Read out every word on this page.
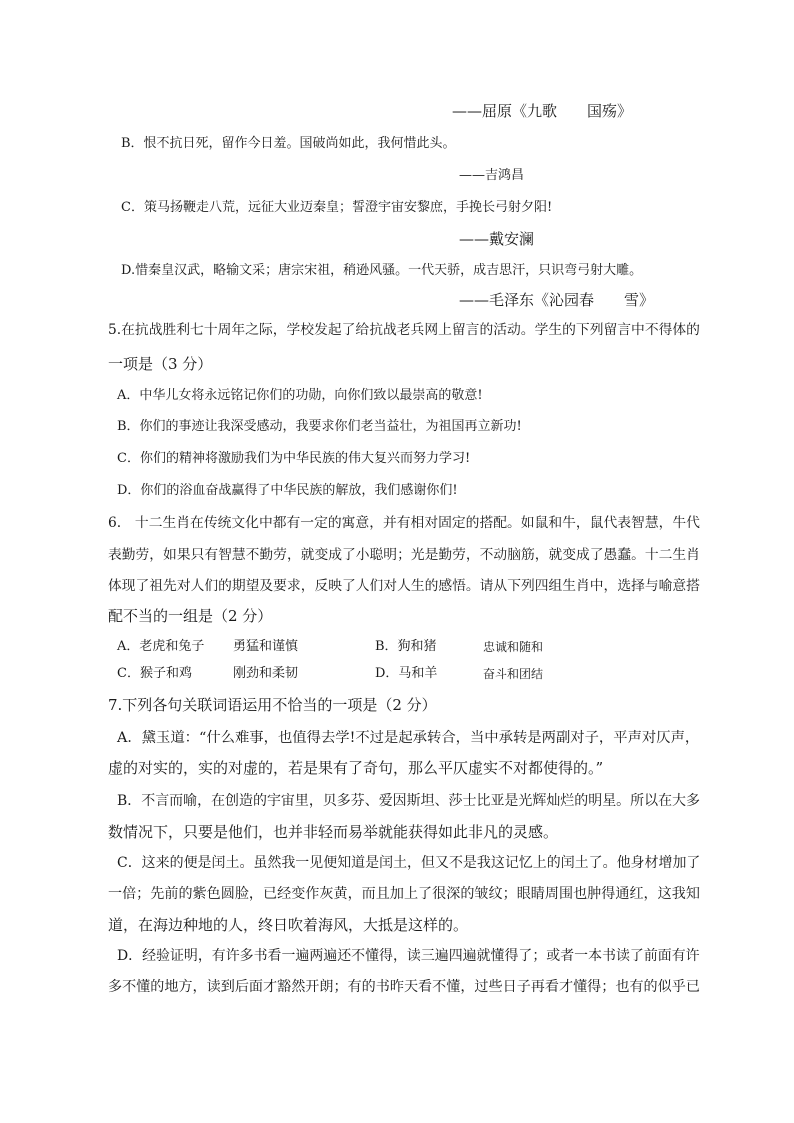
——屈原《九歌　　国殇》
B．恨不抗日死，留作今日羞。国破尚如此，我何惜此头。
——吉鸿昌
C．策马扬鞭走八荒，远征大业迈秦皇；誓澄宇宙安黎庶，手挽长弓射夕阳!
——戴安澜
D.惜秦皇汉武，略输文采；唐宗宋祖，稍逊风骚。一代天骄，成吉思汗，只识弯弓射大雕。
——毛泽东《沁园春　　雪》
5.在抗战胜利七十周年之际，学校发起了给抗战老兵网上留言的活动。学生的下列留言中不得体的
一项是（3 分）
A．中华儿女将永远铭记你们的功勋，向你们致以最崇高的敬意!
B．你们的事迹让我深受感动，我要求你们老当益壮，为祖国再立新功!
C．你们的精神将激励我们为中华民族的伟大复兴而努力学习!
D．你们的浴血奋战赢得了中华民族的解放，我们感谢你们!
6.　十二生肖在传统文化中都有一定的寓意，并有相对固定的搭配。如鼠和牛，鼠代表智慧，牛代
表勤劳，如果只有智慧不勤劳，就变成了小聪明；光是勤劳，不动脑筋，就变成了愚蠢。十二生肖
体现了祖先对人们的期望及要求，反映了人们对人生的感悟。请从下列四组生肖中，选择与喻意搭
配不当的一组是（2 分）
A．老虎和兔子 勇猛和谨慎	B．狗和猪	忠诚和随和
C．猴子和鸡	刚劲和柔韧	D．马和羊	奋斗和团结
7.下列各句关联词语运用不恰当的一项是（2 分）
A．黛玉道：“什么难事，也值得去学!不过是起承转合，当中承转是两副对子，平声对仄声，
虚的对实的，实的对虚的，若是果有了奇句，那么平仄虚实不对都使得的。”
B．不言而喻，在创造的宇宙里，贝多芬、爱因斯坦、莎士比亚是光辉灿烂的明星。所以在大多
数情况下，只要是他们，也并非轻而易举就能获得如此非凡的灵感。
C．这来的便是闰土。虽然我一见便知道是闰土，但又不是我这记忆上的闰土了。他身材增加了
一倍；先前的紫色圆脸，已经变作灰黄，而且加上了很深的皱纹；眼睛周围也肿得通红，这我知
道，在海边种地的人，终日吹着海风，大抵是这样的。
D．经验证明，有许多书看一遍两遍还不懂得，读三遍四遍就懂得了；或者一本书读了前面有许
多不懂的地方，读到后面才豁然开朗；有的书昨天看不懂，过些日子再看才懂得；也有的似乎已
